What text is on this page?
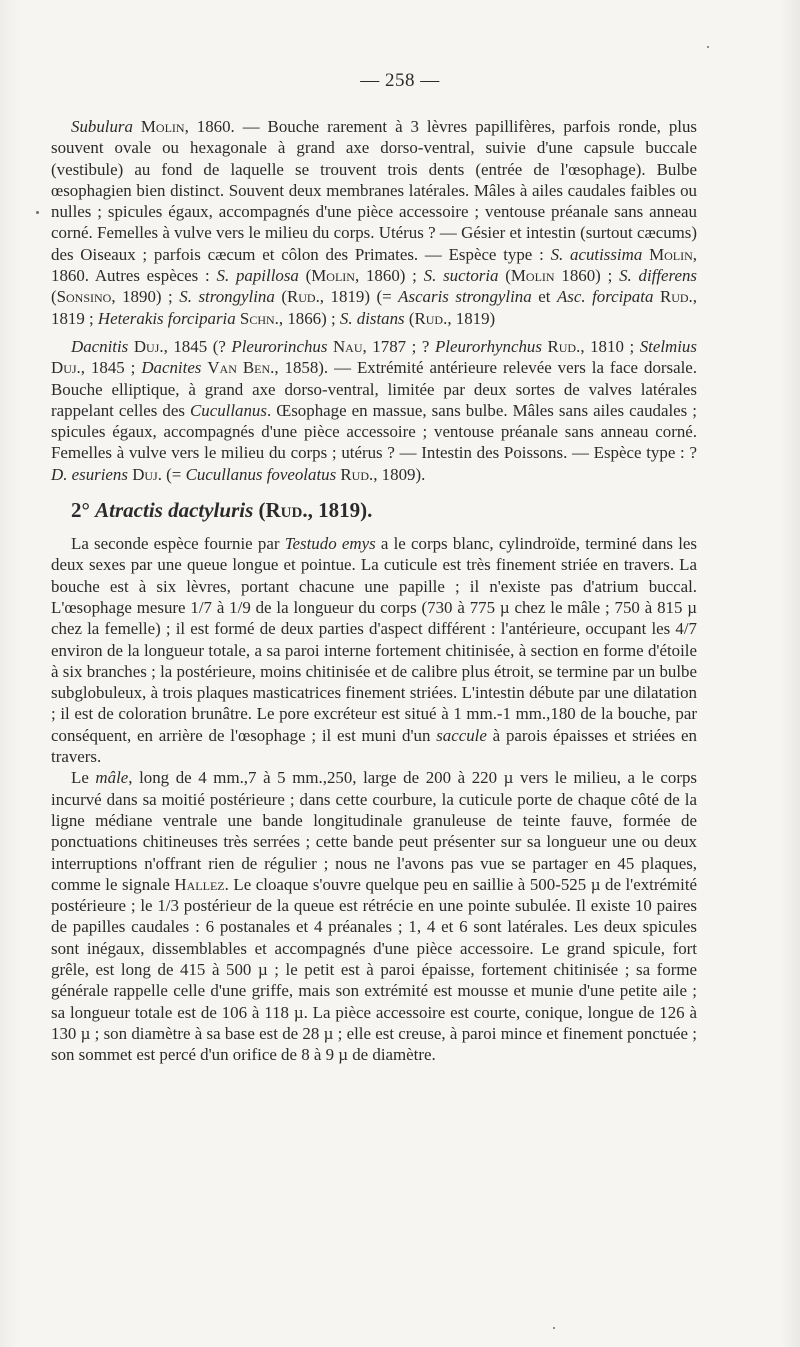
— 258 —

Subulura Molin, 1860. — Bouche rarement à 3 lèvres papillifères, parfois ronde, plus souvent ovale ou hexagonale à grand axe dorso-ventral, suivie d'une capsule buccale (vestibule) au fond de laquelle se trouvent trois dents (entrée de l'œsophage). Bulbe œsophagien bien distinct. Souvent deux membranes latérales. Mâles à ailes caudales faibles ou nulles ; spicules égaux, accompagnés d'une pièce accessoire ; ventouse préanale sans anneau corné. Femelles à vulve vers le milieu du corps. Utérus ? — Gésier et intestin (surtout cæcums) des Oiseaux ; parfois cæcum et côlon des Primates. — Espèce type : S. acutissima Molin, 1860. Autres espèces : S. papillosa (Molin, 1860) ; S. suctoria (Molin 1860) ; S. differens (Sonsino, 1890) ; S. strongylina (Rud., 1819) (= Ascaris strongylina et Asc. forcipata Rud., 1819 ; Heterakis forciparia Schn., 1866) ; S. distans (Rud., 1819)

Dacnitis Duj., 1845 (? Pleurorinchus Nau, 1787 ; ? Pleurorhynchus Rud., 1810 ; Stelmius Duj., 1845 ; Dacnites Van Ben., 1858). — Extrémité antérieure relevée vers la face dorsale. Bouche elliptique, à grand axe dorso-ventral, limitée par deux sortes de valves latérales rappelant celles des Cucullanus. Œsophage en massue, sans bulbe. Mâles sans ailes caudales ; spicules égaux, accompagnés d'une pièce accessoire ; ventouse préanale sans anneau corné. Femelles à vulve vers le milieu du corps ; utérus ? — Intestin des Poissons. — Espèce type : ? D. esuriens Duj. (= Cucullanus foveolatus Rud., 1809).

2° Atractis dactyluris (Rud., 1819).

La seconde espèce fournie par Testudo emys a le corps blanc, cylindroïde, terminé dans les deux sexes par une queue longue et pointue. La cuticule est très finement striée en travers. La bouche est à six lèvres, portant chacune une papille ; il n'existe pas d'atrium buccal. L'œsophage mesure 1/7 à 1/9 de la longueur du corps (730 à 775 µ chez le mâle ; 750 à 815 µ chez la femelle) ; il est formé de deux parties d'aspect différent : l'antérieure, occupant les 4/7 environ de la longueur totale, a sa paroi interne fortement chitinisée, à section en forme d'étoile à six branches ; la postérieure, moins chitinisée et de calibre plus étroit, se termine par un bulbe subglobuleux, à trois plaques masticatrices finement striées. L'intestin débute par une dilatation ; il est de coloration brunâtre. Le pore excréteur est situé à 1 mm.-1 mm.,180 de la bouche, par conséquent, en arrière de l'œsophage ; il est muni d'un saccule à parois épaisses et striées en travers.

Le mâle, long de 4 mm.,7 à 5 mm.,250, large de 200 à 220 µ vers le milieu, a le corps incurvé dans sa moitié postérieure ; dans cette courbure, la cuticule porte de chaque côté de la ligne médiane ventrale une bande longitudinale granuleuse de teinte fauve, formée de ponctuations chitineuses très serrées ; cette bande peut présenter sur sa longueur une ou deux interruptions n'offrant rien de régulier ; nous ne l'avons pas vue se partager en 45 plaques, comme le signale Hallez. Le cloaque s'ouvre quelque peu en saillie à 500-525 µ de l'extrémité postérieure ; le 1/3 postérieur de la queue est rétrécie en une pointe subulée. Il existe 10 paires de papilles caudales : 6 postanales et 4 préanales ; 1, 4 et 6 sont latérales. Les deux spicules sont inégaux, dissemblables et accompagnés d'une pièce accessoire. Le grand spicule, fort grêle, est long de 415 à 500 µ ; le petit est à paroi épaisse, fortement chitinisée ; sa forme générale rappelle celle d'une griffe, mais son extrémité est mousse et munie d'une petite aile ; sa longueur totale est de 106 à 118 µ. La pièce accessoire est courte, conique, longue de 126 à 130 µ ; son diamètre à sa base est de 28 µ ; elle est creuse, à paroi mince et finement ponctuée ; son sommet est percé d'un orifice de 8 à 9 µ de diamètre.
